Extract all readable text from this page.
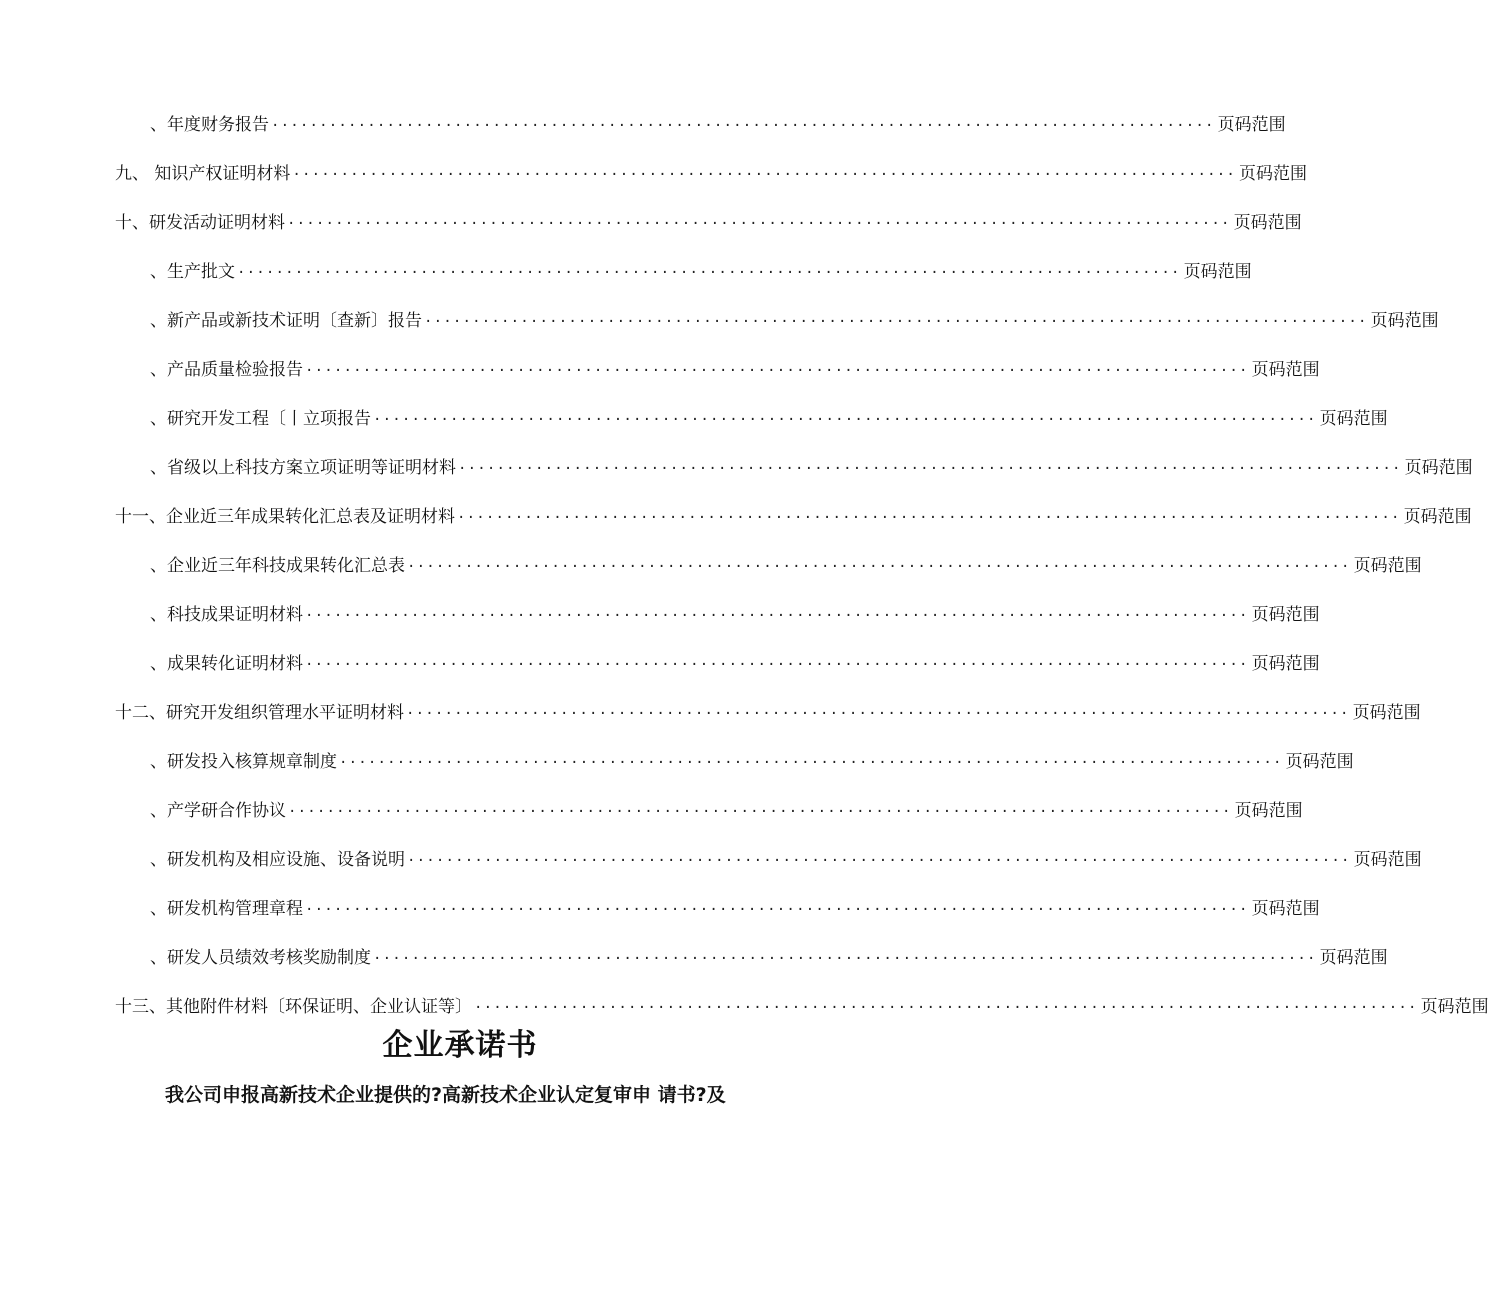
、年度财务报告 .................................................................................................. 页码范围
九、 知识产权证明材料 .................................................................................................. 页码范围
十、研发活动证明材料 .................................................................................................. 页码范围
、生产批文 .................................................................................................. 页码范围
、新产品或新技术证明〔查新〕报告 .................................................................................................. 页码范围
、产品质量检验报告 .................................................................................................. 页码范围
、研究开发工程〔丨立项报告 .................................................................................................. 页码范围
、省级以上科技方案立项证明等证明材料 .................................................................................................. 页码范围
十一、企业近三年成果转化汇总表及证明材料 .................................................................................................. 页码范围
、企业近三年科技成果转化汇总表 .................................................................................................. 页码范围
、科技成果证明材料 .................................................................................................. 页码范围
、成果转化证明材料 .................................................................................................. 页码范围
十二、研究开发组织管理水平证明材料 .................................................................................................. 页码范围
、研发投入核算规章制度 .................................................................................................. 页码范围
、产学研合作协议 .................................................................................................. 页码范围
、研发机构及相应设施、设备说明 .................................................................................................. 页码范围
、研发机构管理章程 .................................................................................................. 页码范围
、研发人员绩效考核奖励制度 .................................................................................................. 页码范围
十三、其他附件材料〔环保证明、企业认证等〕 .................................................................................................. 页码范围
企业承诺书
我公司申报高新技术企业提供的?高新技术企业认定复审申 请书?及
